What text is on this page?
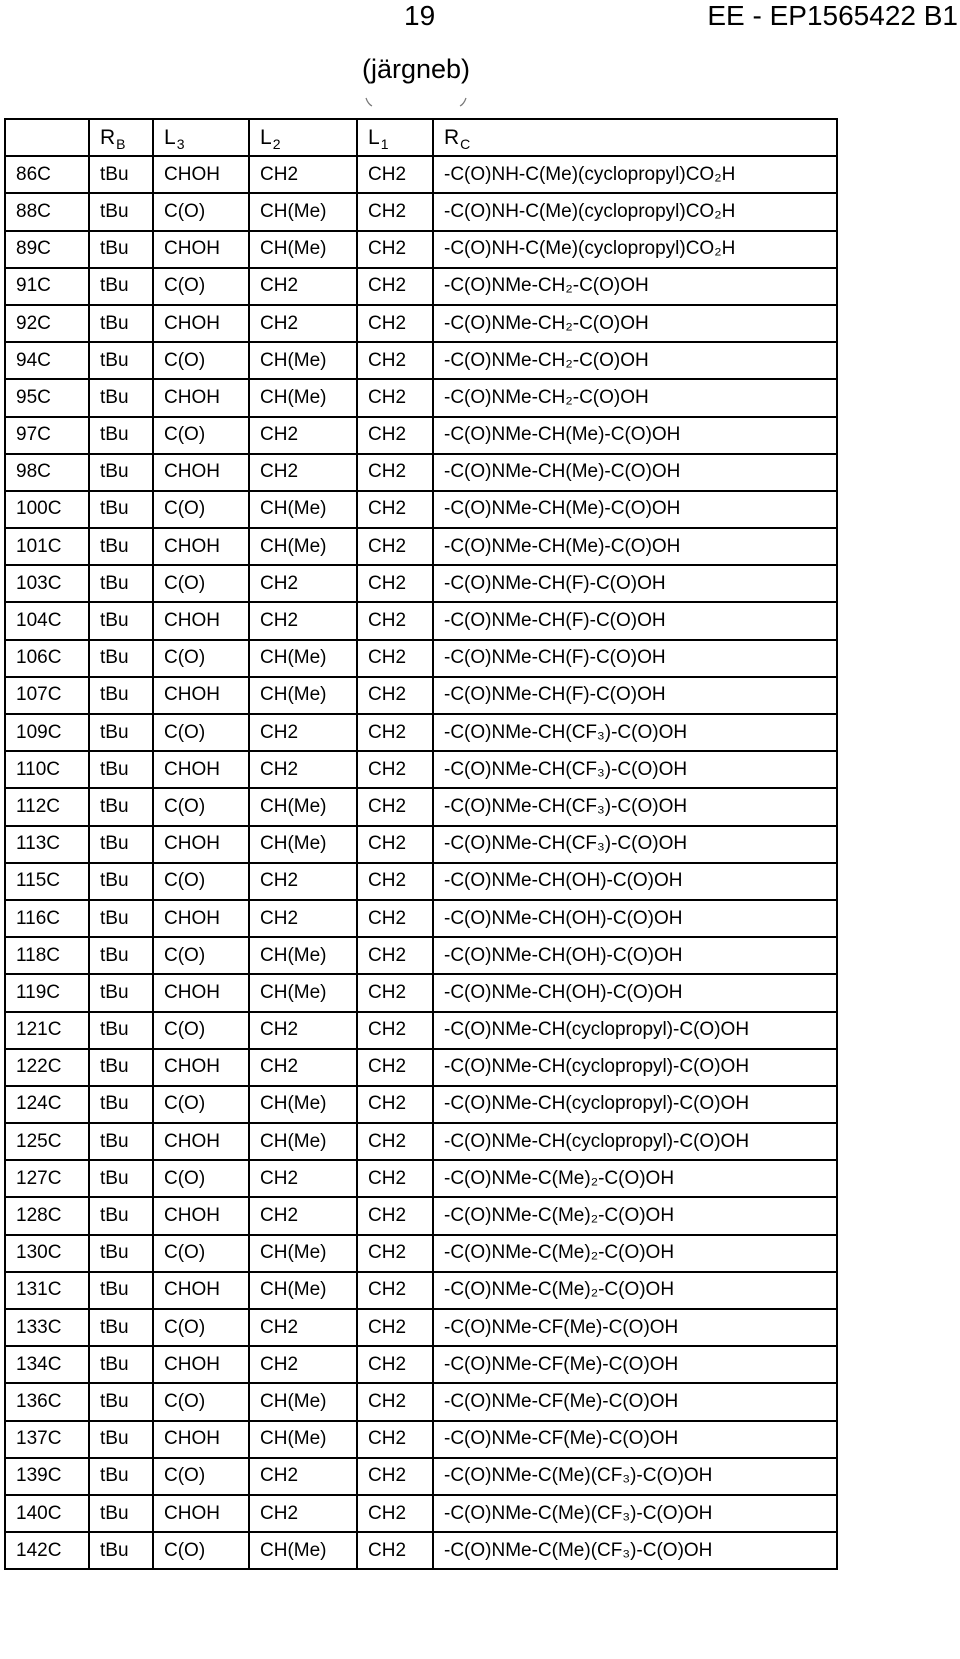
19	EE - EP1565422 B1
(järgneb)
	$R_B$	$L_3$	$L_2$	$L_1$	$R_C$
86C	tBu	CHOH	CH2	CH2	-C(O)NH-C(Me)(cyclopropyl)CO₂H
88C	tBu	C(O)	CH(Me)	CH2	-C(O)NH-C(Me)(cyclopropyl)CO₂H
89C	tBu	CHOH	CH(Me)	CH2	-C(O)NH-C(Me)(cyclopropyl)CO₂H
91C	tBu	C(O)	CH2	CH2	-C(O)NMe-CH₂-C(O)OH
92C	tBu	CHOH	CH2	CH2	-C(O)NMe-CH₂-C(O)OH
94C	tBu	C(O)	CH(Me)	CH2	-C(O)NMe-CH₂-C(O)OH
95C	tBu	CHOH	CH(Me)	CH2	-C(O)NMe-CH₂-C(O)OH
97C	tBu	C(O)	CH2	CH2	-C(O)NMe-CH(Me)-C(O)OH
98C	tBu	CHOH	CH2	CH2	-C(O)NMe-CH(Me)-C(O)OH
100C	tBu	C(O)	CH(Me)	CH2	-C(O)NMe-CH(Me)-C(O)OH
101C	tBu	CHOH	CH(Me)	CH2	-C(O)NMe-CH(Me)-C(O)OH
103C	tBu	C(O)	CH2	CH2	-C(O)NMe-CH(F)-C(O)OH
104C	tBu	CHOH	CH2	CH2	-C(O)NMe-CH(F)-C(O)OH
106C	tBu	C(O)	CH(Me)	CH2	-C(O)NMe-CH(F)-C(O)OH
107C	tBu	CHOH	CH(Me)	CH2	-C(O)NMe-CH(F)-C(O)OH
109C	tBu	C(O)	CH2	CH2	-C(O)NMe-CH(CF₃)-C(O)OH
110C	tBu	CHOH	CH2	CH2	-C(O)NMe-CH(CF₃)-C(O)OH
112C	tBu	C(O)	CH(Me)	CH2	-C(O)NMe-CH(CF₃)-C(O)OH
113C	tBu	CHOH	CH(Me)	CH2	-C(O)NMe-CH(CF₃)-C(O)OH
115C	tBu	C(O)	CH2	CH2	-C(O)NMe-CH(OH)-C(O)OH
116C	tBu	CHOH	CH2	CH2	-C(O)NMe-CH(OH)-C(O)OH
118C	tBu	C(O)	CH(Me)	CH2	-C(O)NMe-CH(OH)-C(O)OH
119C	tBu	CHOH	CH(Me)	CH2	-C(O)NMe-CH(OH)-C(O)OH
121C	tBu	C(O)	CH2	CH2	-C(O)NMe-CH(cyclopropyl)-C(O)OH
122C	tBu	CHOH	CH2	CH2	-C(O)NMe-CH(cyclopropyl)-C(O)OH
124C	tBu	C(O)	CH(Me)	CH2	-C(O)NMe-CH(cyclopropyl)-C(O)OH
125C	tBu	CHOH	CH(Me)	CH2	-C(O)NMe-CH(cyclopropyl)-C(O)OH
127C	tBu	C(O)	CH2	CH2	-C(O)NMe-C(Me)₂-C(O)OH
128C	tBu	CHOH	CH2	CH2	-C(O)NMe-C(Me)₂-C(O)OH
130C	tBu	C(O)	CH(Me)	CH2	-C(O)NMe-C(Me)₂-C(O)OH
131C	tBu	CHOH	CH(Me)	CH2	-C(O)NMe-C(Me)₂-C(O)OH
133C	tBu	C(O)	CH2	CH2	-C(O)NMe-CF(Me)-C(O)OH
134C	tBu	CHOH	CH2	CH2	-C(O)NMe-CF(Me)-C(O)OH
136C	tBu	C(O)	CH(Me)	CH2	-C(O)NMe-CF(Me)-C(O)OH
137C	tBu	CHOH	CH(Me)	CH2	-C(O)NMe-CF(Me)-C(O)OH
139C	tBu	C(O)	CH2	CH2	-C(O)NMe-C(Me)(CF₃)-C(O)OH
140C	tBu	CHOH	CH2	CH2	-C(O)NMe-C(Me)(CF₃)-C(O)OH
142C	tBu	C(O)	CH(Me)	CH2	-C(O)NMe-C(Me)(CF₃)-C(O)OH
